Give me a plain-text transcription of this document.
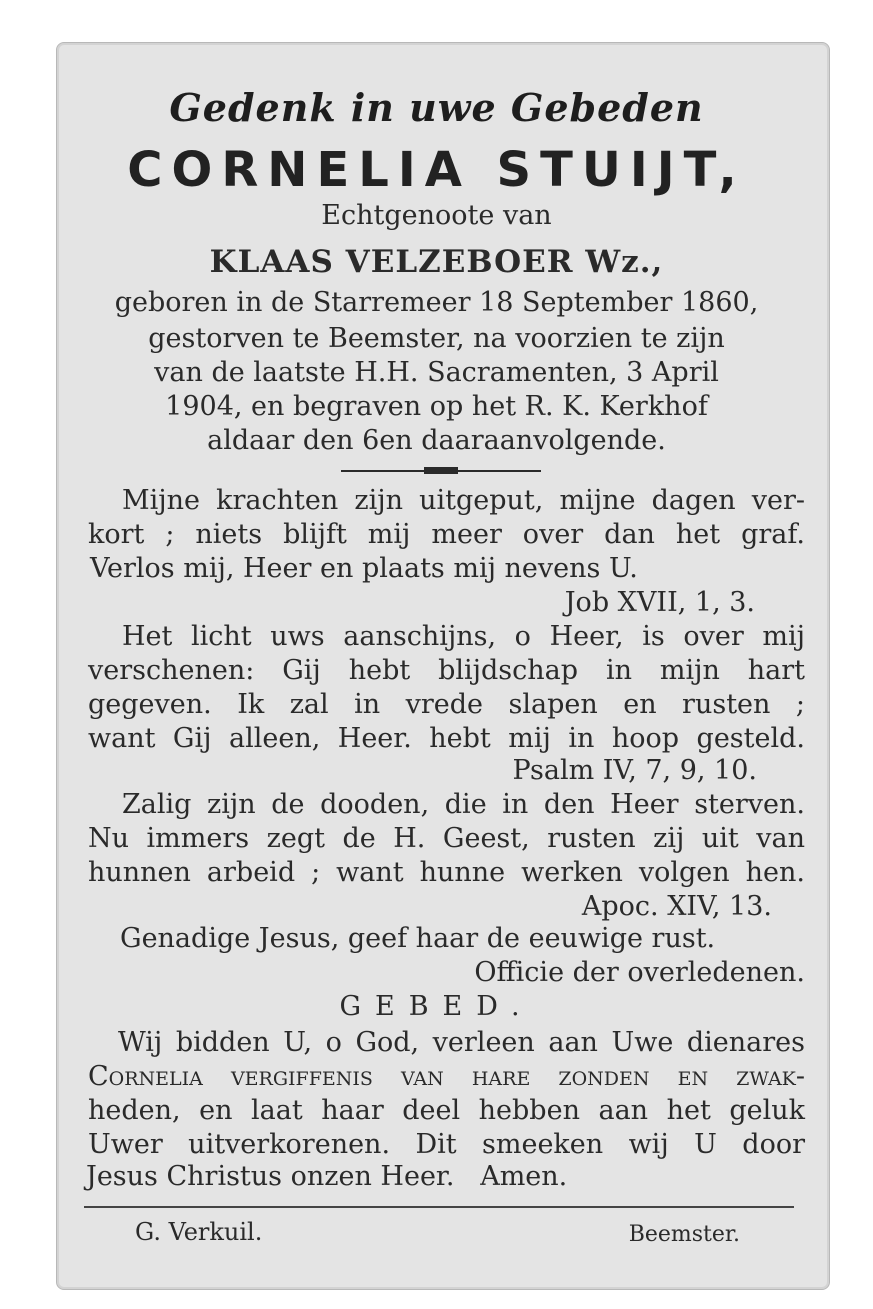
Gedenk in uwe Gebeden

CORNELIA STUIJT,

Echtgenoote van

KLAAS VELZEBOER Wz.,

geboren in de Starremeer 18 September 1860,

gestorven te Beemster, na voorzien te zijn

van de laatste H.H. Sacramenten, 3 April

1904, en begraven op het R. K. Kerkhof

aldaar den 6en daaraanvolgende.

Mijne krachten zijn uitgeput, mijne dagen ver-

kort ; niets blijft mij meer over dan het graf.

Verlos mij, Heer en plaats mij nevens U.

Job XVII, 1, 3.

Het licht uws aanschijns, o Heer, is over mij

verschenen: Gij hebt blijdschap in mijn hart

gegeven. Ik zal in vrede slapen en rusten ;

want Gij alleen, Heer. hebt mij in hoop gesteld.

Psalm IV, 7, 9, 10.

Zalig zijn de dooden, die in den Heer sterven.

Nu immers zegt de H. Geest, rusten zij uit van

hunnen arbeid ; want hunne werken volgen hen.

Apoc. XIV, 13.

Genadige Jesus, geef haar de eeuwige rust.

Officie der overledenen.

GEBED.

Wij bidden U, o God, verleen aan Uwe dienares

Cornelia vergiffenis van hare zonden en zwak-

heden, en laat haar deel hebben aan het geluk

Uwer uitverkorenen. Dit smeeken wij U door

Jesus Christus onzen Heer.   Amen.

G. Verkuil.	Beemster.
